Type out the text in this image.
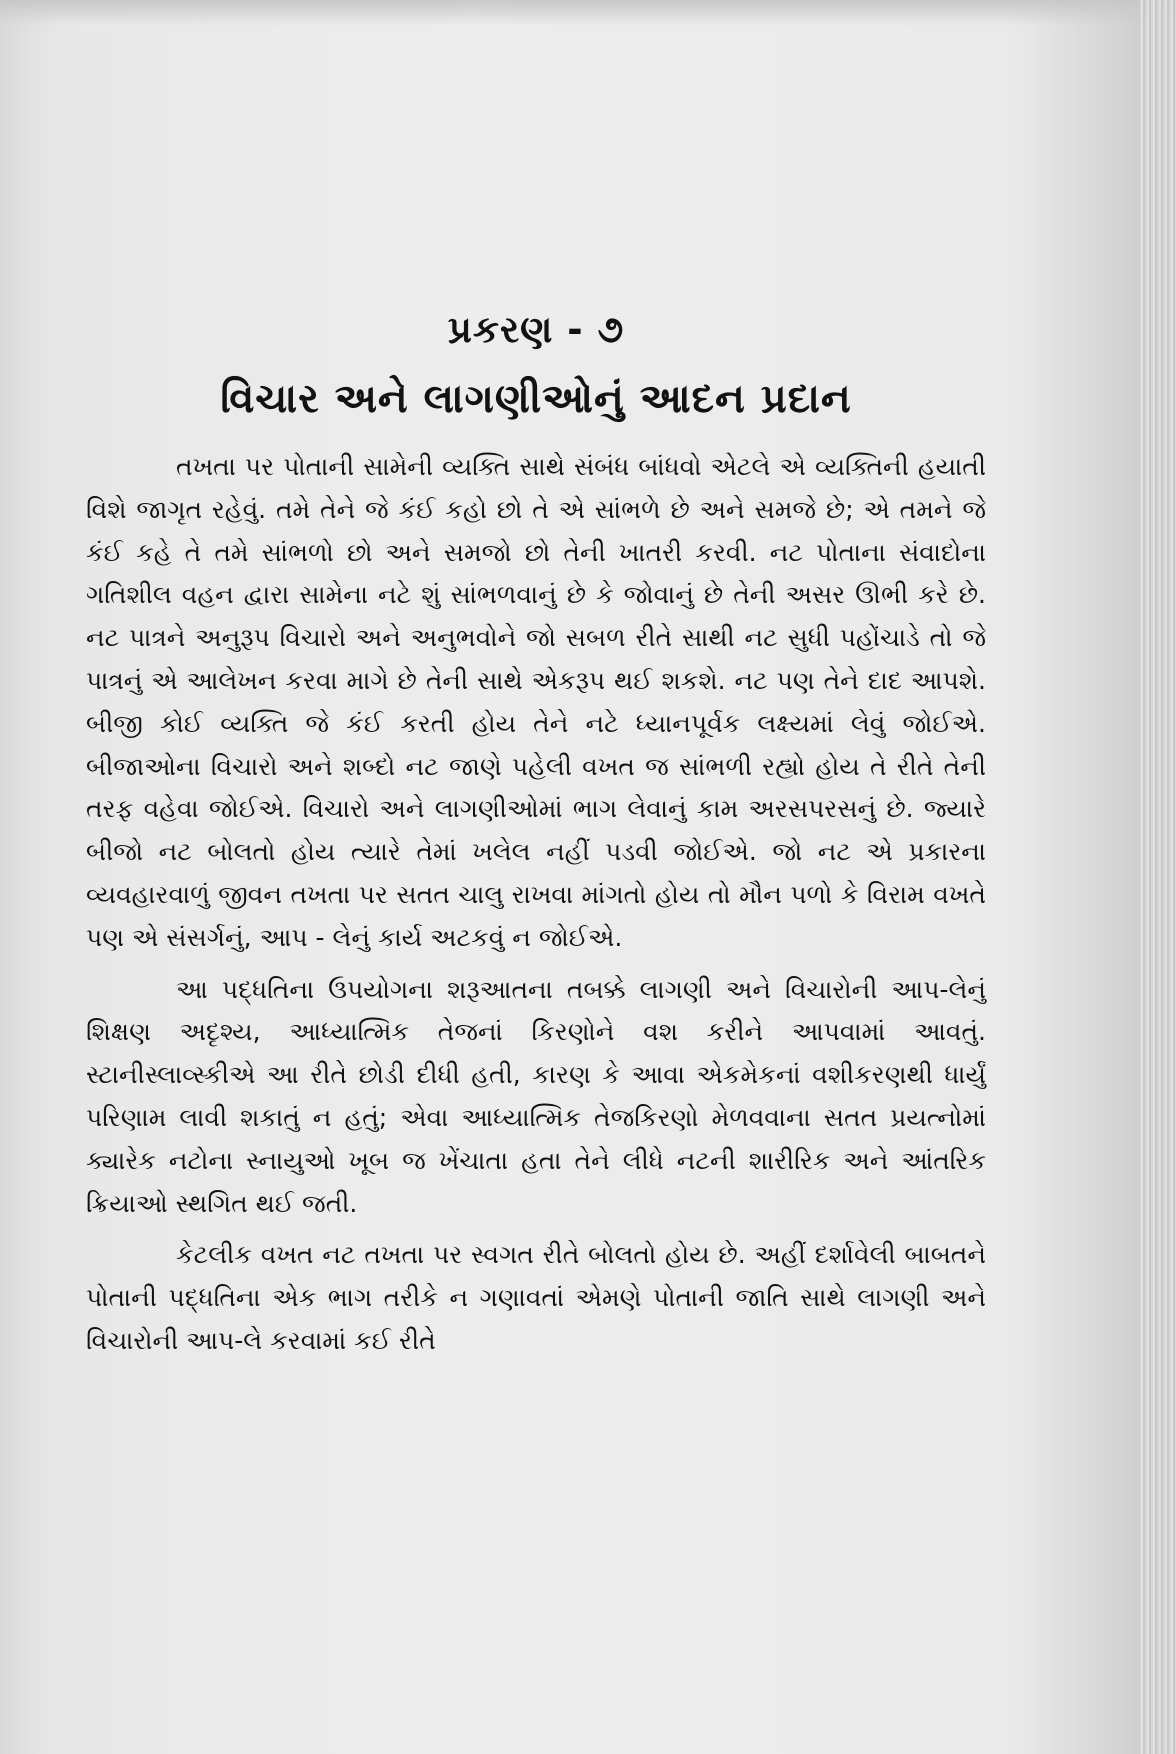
પ્રકરણ - ૭
વિચાર અને લાગણીઓનું આદન પ્રદાન

તખતા પર પોતાની સામેની વ્યક્તિ સાથે સંબંધ બાંધવો એટલે એ વ્યક્તિની હયાતી વિશે જાગૃત રહેવું. તમે તેને જે કંઈ કહો છો તે એ સાંભળે છે અને સમજે છે; એ તમને જે કંઈ કહે તે તમે સાંભળો છો અને સમજો છો તેની ખાતરી કરવી. નટ પોતાના સંવાદોના ગતિશીલ વહન દ્વારા સામેના નટે શું સાંભળવાનું છે કે જોવાનું છે તેની અસર ઊભી કરે છે. નટ પાત્રને અનુરૂપ વિચારો અને અનુભવોને જો સબળ રીતે સાથી નટ સુધી પહોંચાડે તો જે પાત્રનું એ આલેખન કરવા માગે છે તેની સાથે એકરૂપ થઈ શકશે. નટ પણ તેને દાદ આપશે. બીજી કોઈ વ્યક્તિ જે કંઈ કરતી હોય તેને નટે ધ્યાનપૂર્વક લક્ષ્યમાં લેવું જોઈએ. બીજાઓના વિચારો અને શબ્દો નટ જાણે પહેલી વખત જ સાંભળી રહ્યો હોય તે રીતે તેની તરફ વહેવા જોઈએ. વિચારો અને લાગણીઓમાં ભાગ લેવાનું કામ અરસપરસનું છે. જ્યારે બીજો નટ બોલતો હોય ત્યારે તેમાં ખલેલ નહીં પડવી જોઈએ. જો નટ એ પ્રકારના વ્યવહારવાળું જીવન તખતા પર સતત ચાલુ રાખવા માંગતો હોય તો મૌન પળો કે વિરામ વખતે પણ એ સંસર્ગનું, આપ - લેનું કાર્ય અટકવું ન જોઈએ.

આ પદ્ધતિના ઉપયોગના શરૂઆતના તબક્કે લાગણી અને વિચારોની આપ-લેનું શિક્ષણ અદૃશ્ય, આધ્યાત્મિક તેજનાં કિરણોને વશ કરીને આપવામાં આવતું. સ્ટાનીસ્લાવ્સ્કીએ આ રીતે છોડી દીધી હતી, કારણ કે આવા એકમેકનાં વશીકરણથી ધાર્યું પરિણામ લાવી શકાતું ન હતું; એવા આધ્યાત્મિક તેજકિરણો મેળવવાના સતત પ્રયત્નોમાં ક્યારેક નટોના સ્નાયુઓ ખૂબ જ ખેંચાતા હતા તેને લીધે નટની શારીરિક અને આંતરિક ક્રિયાઓ સ્થગિત થઈ જતી.

કેટલીક વખત નટ તખતા પર સ્વગત રીતે બોલતો હોય છે. અહીં દર્શાવેલી બાબતને પોતાની પદ્ધતિના એક ભાગ તરીકે ન ગણાવતાં એમણે પોતાની જાતિ સાથે લાગણી અને વિચારોની આપ-લે કરવામાં કઈ રીતે
